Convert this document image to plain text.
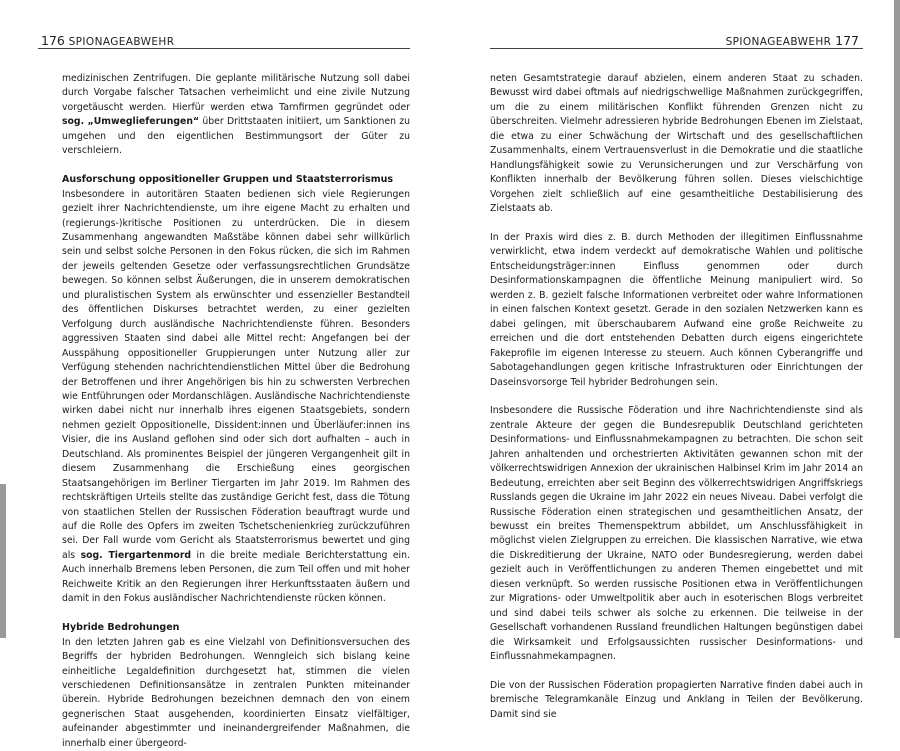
176 SPIONAGEABWEHR

medizinischen Zentrifugen. Die geplante militärische Nutzung soll dabei durch Vorgabe falscher Tatsachen verheimlicht und eine zivile Nutzung vorgetäuscht werden. Hierfür werden etwa Tarnfirmen gegründet oder sog. „Umweglieferungen“ über Drittstaaten initiiert, um Sanktionen zu umgehen und den eigentlichen Bestimmungsort der Güter zu verschleiern.

Ausforschung oppositioneller Gruppen und Staatsterrorismus

Insbesondere in autoritären Staaten bedienen sich viele Regierungen gezielt ihrer Nachrichtendienste, um ihre eigene Macht zu erhalten und (regierungs-)kritische Positionen zu unterdrücken. Die in diesem Zusammenhang angewandten Maßstäbe können dabei sehr willkürlich sein und selbst solche Personen in den Fokus rücken, die sich im Rahmen der jeweils geltenden Gesetze oder verfassungsrechtlichen Grundsätze bewegen. So können selbst Äußerungen, die in unserem demokratischen und pluralistischen System als erwünschter und essenzieller Bestandteil des öffentlichen Diskurses betrachtet werden, zu einer gezielten Verfolgung durch ausländische Nachrichtendienste führen. Besonders aggressiven Staaten sind dabei alle Mittel recht: Angefangen bei der Ausspähung oppositioneller Gruppierungen unter Nutzung aller zur Verfügung stehenden nachrichtendienstlichen Mittel über die Bedrohung der Betroffenen und ihrer Angehörigen bis hin zu schwersten Verbrechen wie Entführungen oder Mordanschlägen. Ausländische Nachrichtendienste wirken dabei nicht nur innerhalb ihres eigenen Staatsgebiets, sondern nehmen gezielt Oppositionelle, Dissident:innen und Überläufer:innen ins Visier, die ins Ausland geflohen sind oder sich dort aufhalten – auch in Deutschland. Als prominentes Beispiel der jüngeren Vergangenheit gilt in diesem Zusammenhang die Erschießung eines georgischen Staatsangehörigen im Berliner Tiergarten im Jahr 2019. Im Rahmen des rechtskräftigen Urteils stellte das zuständige Gericht fest, dass die Tötung von staatlichen Stellen der Russischen Föderation beauftragt wurde und auf die Rolle des Opfers im zweiten Tschetschenienkrieg zurückzuführen sei. Der Fall wurde vom Gericht als Staatsterrorismus bewertet und ging als sog. Tiergartenmord in die breite mediale Berichterstattung ein. Auch innerhalb Bremens leben Personen, die zum Teil offen und mit hoher Reichweite Kritik an den Regierungen ihrer Herkunftsstaaten äußern und damit in den Fokus ausländischer Nachrichtendienste rücken können.

Hybride Bedrohungen

In den letzten Jahren gab es eine Vielzahl von Definitionsversuchen des Begriffs der hybriden Bedrohungen. Wenngleich sich bislang keine einheitliche Legaldefinition durchgesetzt hat, stimmen die vielen verschiedenen Definitionsansätze in zentralen Punkten miteinander überein. Hybride Bedrohungen bezeichnen demnach den von einem gegnerischen Staat ausgehenden, koordinierten Einsatz vielfältiger, aufeinander abgestimmter und ineinandergreifender Maßnahmen, die innerhalb einer übergeord-

SPIONAGEABWEHR 177

neten Gesamtstrategie darauf abzielen, einem anderen Staat zu schaden. Bewusst wird dabei oftmals auf niedrigschwellige Maßnahmen zurückgegriffen, um die zu einem militärischen Konflikt führenden Grenzen nicht zu überschreiten. Vielmehr adressieren hybride Bedrohungen Ebenen im Zielstaat, die etwa zu einer Schwächung der Wirtschaft und des gesellschaftlichen Zusammenhalts, einem Vertrauensverlust in die Demokratie und die staatliche Handlungsfähigkeit sowie zu Verunsicherungen und zur Verschärfung von Konflikten innerhalb der Bevölkerung führen sollen. Dieses vielschichtige Vorgehen zielt schließlich auf eine gesamtheitliche Destabilisierung des Zielstaats ab.

In der Praxis wird dies z. B. durch Methoden der illegitimen Einflussnahme verwirklicht, etwa indem verdeckt auf demokratische Wahlen und politische Entscheidungsträger:innen Einfluss genommen oder durch Desinformationskampagnen die öffentliche Meinung manipuliert wird. So werden z. B. gezielt falsche Informationen verbreitet oder wahre Informationen in einen falschen Kontext gesetzt. Gerade in den sozialen Netzwerken kann es dabei gelingen, mit überschaubarem Aufwand eine große Reichweite zu erreichen und die dort entstehenden Debatten durch eigens eingerichtete Fakeprofile im eigenen Interesse zu steuern. Auch können Cyberangriffe und Sabotagehandlungen gegen kritische Infrastrukturen oder Einrichtungen der Daseinsvorsorge Teil hybrider Bedrohungen sein.

Insbesondere die Russische Föderation und ihre Nachrichtendienste sind als zentrale Akteure der gegen die Bundesrepublik Deutschland gerichteten Desinformations- und Einflussnahmekampagnen zu betrachten. Die schon seit Jahren anhaltenden und orchestrierten Aktivitäten gewannen schon mit der völkerrechtswidrigen Annexion der ukrainischen Halbinsel Krim im Jahr 2014 an Bedeutung, erreichten aber seit Beginn des völkerrechtswidrigen Angriffskriegs Russlands gegen die Ukraine im Jahr 2022 ein neues Niveau. Dabei verfolgt die Russische Föderation einen strategischen und gesamtheitlichen Ansatz, der bewusst ein breites Themenspektrum abbildet, um Anschlussfähigkeit in möglichst vielen Zielgruppen zu erreichen. Die klassischen Narrative, wie etwa die Diskreditierung der Ukraine, NATO oder Bundesregierung, werden dabei gezielt auch in Veröffentlichungen zu anderen Themen eingebettet und mit diesen verknüpft. So werden russische Positionen etwa in Veröffentlichungen zur Migrations- oder Umweltpolitik aber auch in esoterischen Blogs verbreitet und sind dabei teils schwer als solche zu erkennen. Die teilweise in der Gesellschaft vorhandenen Russland freundlichen Haltungen begünstigen dabei die Wirksamkeit und Erfolgsaussichten russischer Desinformations- und Einflussnahmekampagnen.

Die von der Russischen Föderation propagierten Narrative finden dabei auch in bremische Telegramkanäle Einzug und Anklang in Teilen der Bevölkerung. Damit sind sie
